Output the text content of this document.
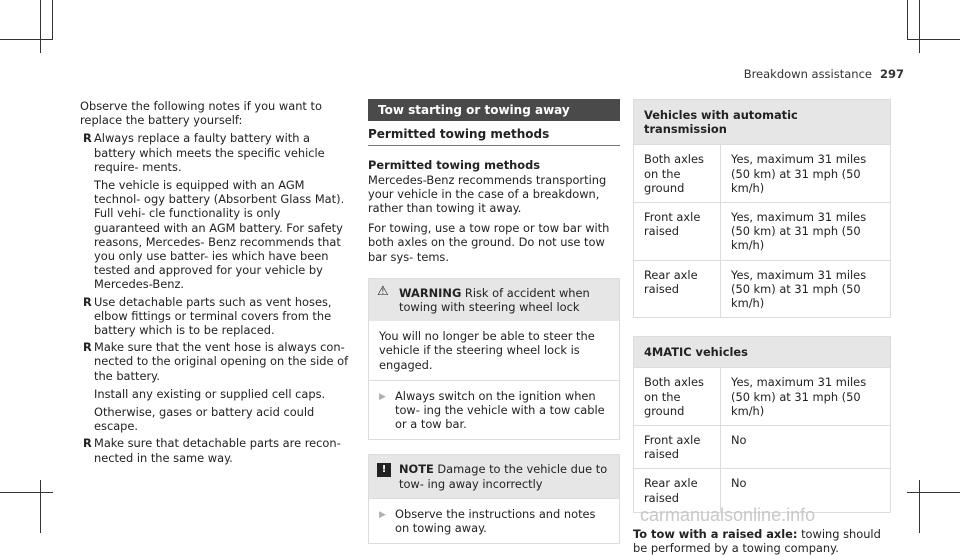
Breakdown assistance 297

Observe the following notes if you want to replace the battery yourself:

R Always replace a faulty battery with a battery which meets the specific vehicle require- ments.
The vehicle is equipped with an AGM technol- ogy battery (Absorbent Glass Mat). Full vehi- cle functionality is only guaranteed with an AGM battery. For safety reasons, Mercedes- Benz recommends that you only use batter- ies which have been tested and approved for your vehicle by Mercedes-Benz.
R Use detachable parts such as vent hoses, elbow fittings or terminal covers from the battery which is to be replaced.
R Make sure that the vent hose is always con- nected to the original opening on the side of the battery.
Install any existing or supplied cell caps.
Otherwise, gases or battery acid could escape.
R Make sure that detachable parts are recon- nected in the same way.
Tow starting or towing away
Permitted towing methods
Permitted towing methods

Mercedes-Benz recommends transporting your vehicle in the case of a breakdown, rather than towing it away.

For towing, use a tow rope or tow bar with both axles on the ground. Do not use tow bar sys- tems.

⚠ WARNING Risk of accident when towing with steering wheel lock
You will no longer be able to steer the vehicle if the steering wheel lock is engaged.
▶ Always switch on the ignition when tow- ing the vehicle with a tow cable or a tow bar.
!	NOTE Damage to the vehicle due to tow- ing away incorrectly
▶ Observe the instructions and notes on towing away.
Vehicles with automatic transmission	
Both axles on the ground	Yes, maximum 31 miles (50 km) at 31 mph (50 km/h)
Front axle raised	Yes, maximum 31 miles (50 km) at 31 mph (50 km/h)
Rear axle raised	Yes, maximum 31 miles (50 km) at 31 mph (50 km/h)
4MATIC vehicles	
Both axles on the ground	Yes, maximum 31 miles (50 km) at 31 mph (50 km/h)
Front axle raised	No
Rear axle raised	No

To tow with a raised axle: towing should be performed by a towing company.

carmanualsonline.info
